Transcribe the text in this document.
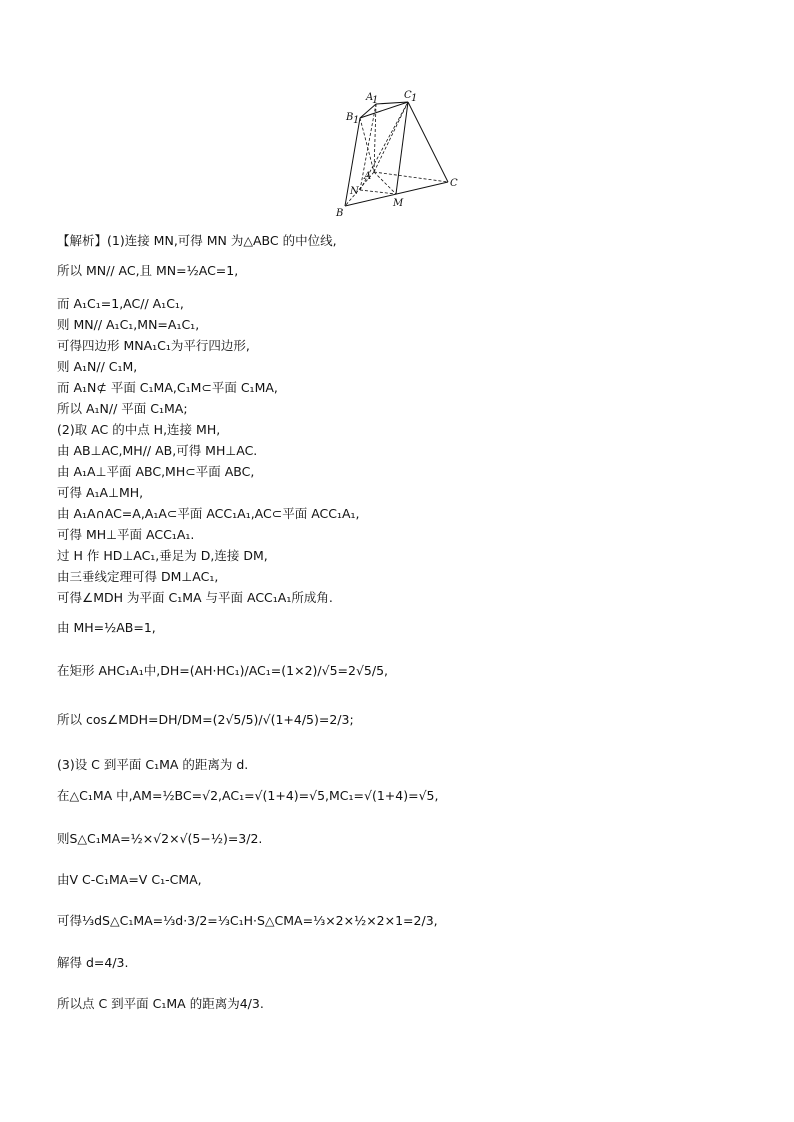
A
1	C 1
B 1
A
C
N
M
B
【解析】(1)连接 MN,可得 MN 为△ABC 的中位线,
所以 MN// AC,且 MN=½AC=1,
而 A₁C₁=1,AC// A₁C₁,
则 MN// A₁C₁,MN=A₁C₁,
可得四边形 MNA₁C₁为平行四边形,
则 A₁N// C₁M,
而 A₁N⊄ 平面 C₁MA,C₁M⊂平面 C₁MA,
所以 A₁N// 平面 C₁MA;
(2)取 AC 的中点 H,连接 MH,
由 AB⊥AC,MH// AB,可得 MH⊥AC.
由 A₁A⊥平面 ABC,MH⊂平面 ABC,
可得 A₁A⊥MH,
由 A₁A∩AC=A,A₁A⊂平面 ACC₁A₁,AC⊂平面 ACC₁A₁,
可得 MH⊥平面 ACC₁A₁.
过 H 作 HD⊥AC₁,垂足为 D,连接 DM,
由三垂线定理可得 DM⊥AC₁,
可得∠MDH 为平面 C₁MA 与平面 ACC₁A₁所成角.
由 MH=½AB=1,
在矩形 AHC₁A₁中,DH=(AH·HC₁)/AC₁=(1×2)/√5=2√5/5,
所以 cos∠MDH=DH/DM=(2√5/5)/√(1+4/5)=2/3;
(3)设 C 到平面 C₁MA 的距离为 d.
在△C₁MA 中,AM=½BC=√2,AC₁=√(1+4)=√5,MC₁=√(1+4)=√5,
则S△C₁MA=½×√2×√(5−½)=3/2.
由V C-C₁MA=V C₁-CMA,
可得⅓dS△C₁MA=⅓d·3/2=⅓C₁H·S△CMA=⅓×2×½×2×1=2/3,
解得 d=4/3.
所以点 C 到平面 C₁MA 的距离为4/3.
